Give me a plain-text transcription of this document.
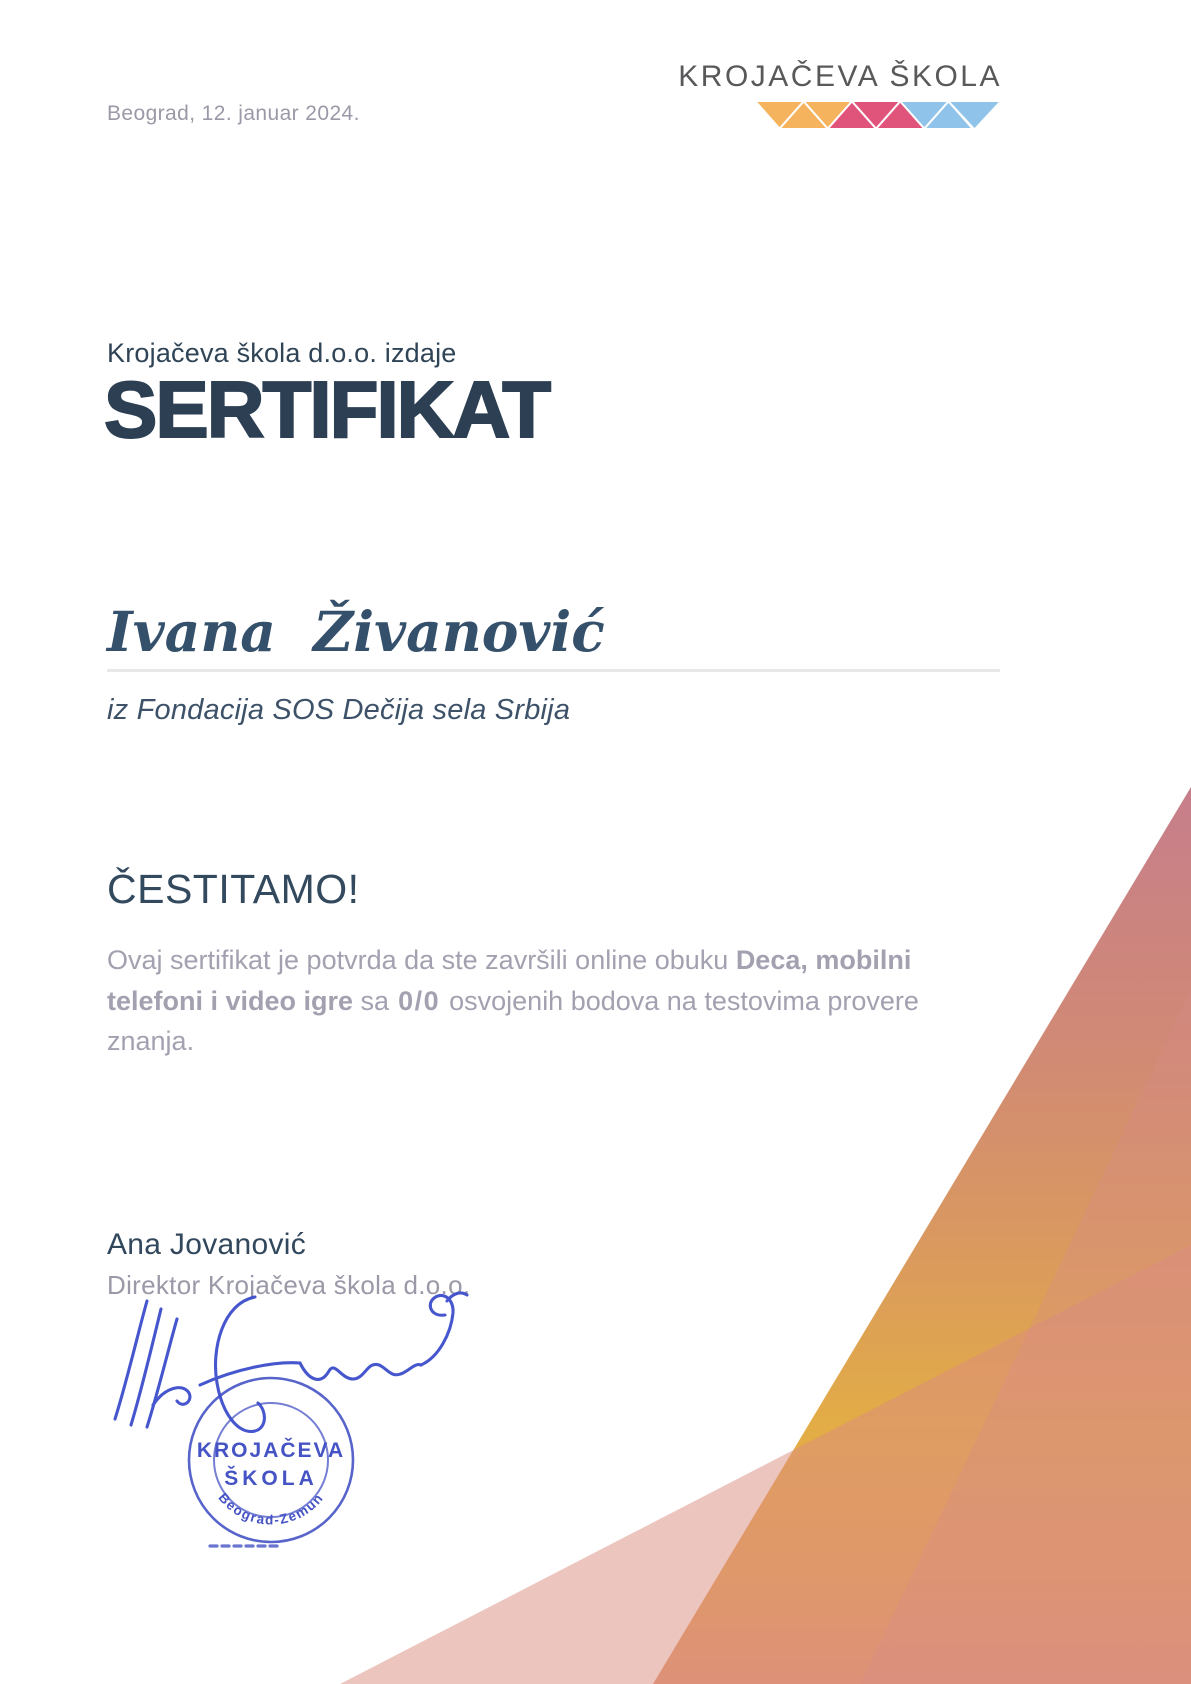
Beograd, 12. januar 2024.
KROJAČEVA ŠKOLA
Krojačeva škola d.o.o. izdaje
SERTIFIKAT
Ivana Živanović
iz Fondacija SOS Dečija sela Srbija
ČESTITAMO!
Ovaj sertifikat je potvrda da ste završili online obuku Deca, mobilni telefoni i video igre sa 0/0 osvojenih bodova na testovima provere znanja.
Ana Jovanović
Direktor Krojačeva škola d.o.o.
KROJAČEVA
ŠKOLA
Beograd-Zemun
